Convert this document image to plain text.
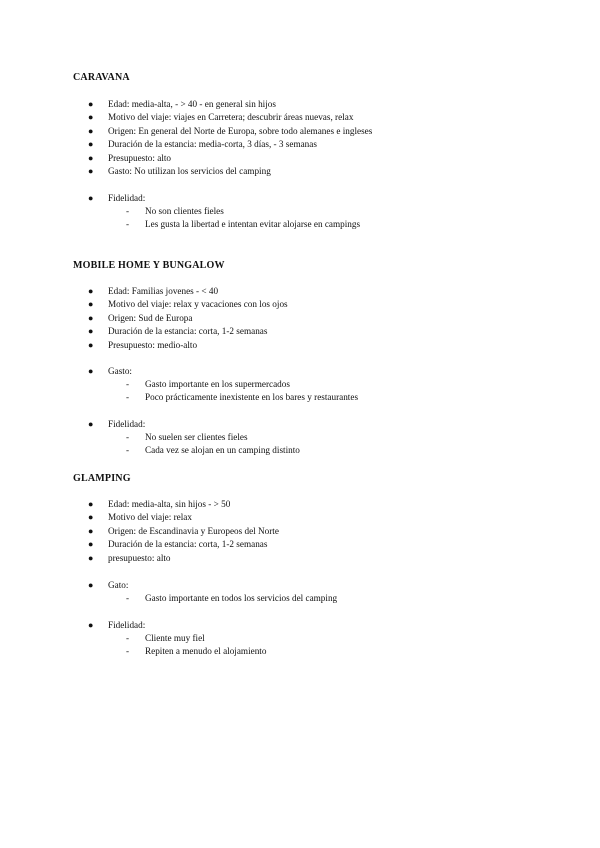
CARAVANA
● Edad: media-alta, - > 40 - en general sin hijos
● Motivo del viaje: viajes en Carretera; descubrir áreas nuevas, relax
● Origen: En general del Norte de Europa, sobre todo alemanes e ingleses
● Duración de la estancia: media-corta, 3 días, - 3 semanas
● Presupuesto: alto
● Gasto: No utilizan los servicios del camping
● Fidelidad:
- No son clientes fieles
- Les gusta la libertad e intentan evitar alojarse en campings
MOBILE HOME Y BUNGALOW
● Edad: Familias jovenes - < 40
● Motivo del viaje: relax y vacaciones con los ojos
● Origen: Sud de Europa
● Duración de la estancia: corta, 1-2 semanas
● Presupuesto: medio-alto
● Gasto:
- Gasto importante en los supermercados
- Poco prácticamente inexistente en los bares y restaurantes
● Fidelidad:
- No suelen ser clientes fieles
- Cada vez se alojan en un camping distinto
GLAMPING
● Edad: media-alta, sin hijos - > 50
● Motivo del viaje: relax
● Origen: de Escandinavia y Europeos del Norte
● Duración de la estancia: corta, 1-2 semanas
● presupuesto: alto
● Gato:
- Gasto importante en todos los servicios del camping
● Fidelidad:
- Cliente muy fiel
- Repiten a menudo el alojamiento
